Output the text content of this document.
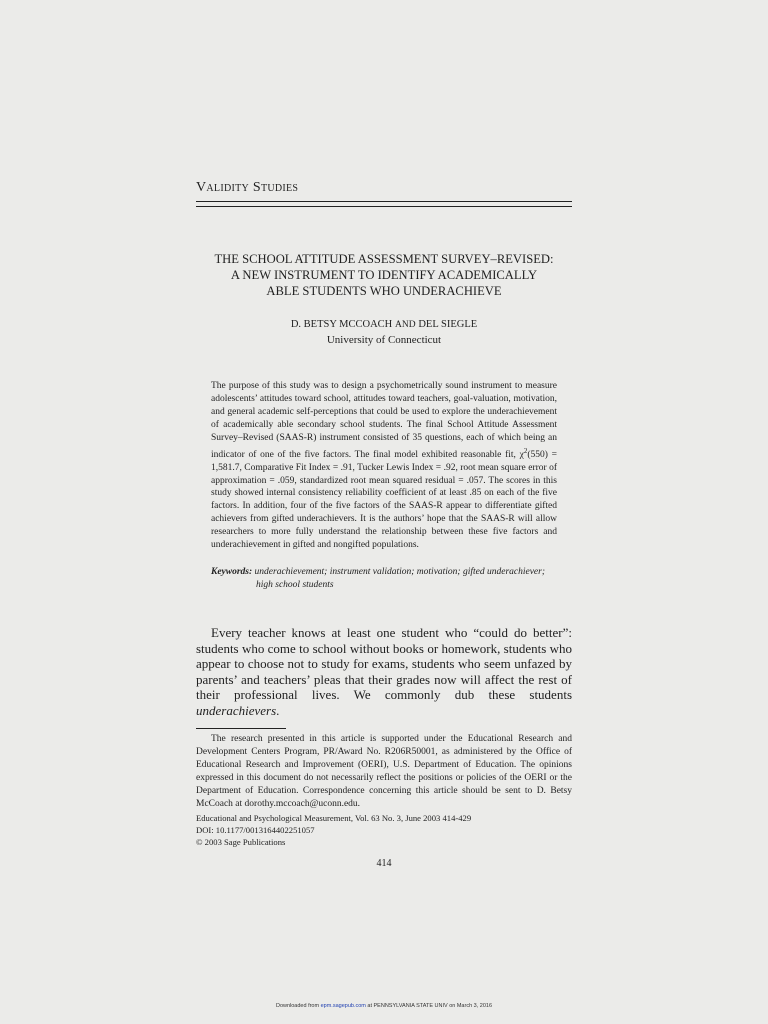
Validity Studies
THE SCHOOL ATTITUDE ASSESSMENT SURVEY–REVISED:
A NEW INSTRUMENT TO IDENTIFY ACADEMICALLY
ABLE STUDENTS WHO UNDERACHIEVE
D. BETSY MCCOACH AND DEL SIEGLE
University of Connecticut
The purpose of this study was to design a psychometrically sound instrument to measure adolescents’ attitudes toward school, attitudes toward teachers, goal-valuation, motivation, and general academic self-perceptions that could be used to explore the underachievement of academically able secondary school students. The final School Attitude Assessment Survey–Revised (SAAS-R) instrument consisted of 35 questions, each of which being an indicator of one of the five factors. The final model exhibited reasonable fit, $\chi^2(550) = 1,581.7$, Comparative Fit Index = .91, Tucker Lewis Index = .92, root mean square error of approximation = .059, standardized root mean squared residual = .057. The scores in this study showed internal consistency reliability coefficient of at least .85 on each of the five factors. In addition, four of the five factors of the SAAS-R appear to differentiate gifted achievers from gifted underachievers. It is the authors’ hope that the SAAS-R will allow researchers to more fully understand the relationship between these five factors and underachievement in gifted and nongifted populations.
Keywords: underachievement; instrument validation; motivation; gifted underachiever;
high school students
Every teacher knows at least one student who “could do better”: students who come to school without books or homework, students who appear to choose not to study for exams, students who seem unfazed by parents’ and teachers’ pleas that their grades now will affect the rest of their professional lives. We commonly dub these students underachievers.
The research presented in this article is supported under the Educational Research and Development Centers Program, PR/Award No. R206R50001, as administered by the Office of Educational Research and Improvement (OERI), U.S. Department of Education. The opinions expressed in this document do not necessarily reflect the positions or policies of the OERI or the Department of Education. Correspondence concerning this article should be sent to D. Betsy McCoach at dorothy.mccoach@uconn.edu.
Educational and Psychological Measurement, Vol. 63 No. 3, June 2003 414-429
DOI: 10.1177/0013164402251057
© 2003 Sage Publications
414
Downloaded from epm.sagepub.com at PENNSYLVANIA STATE UNIV on March 3, 2016
